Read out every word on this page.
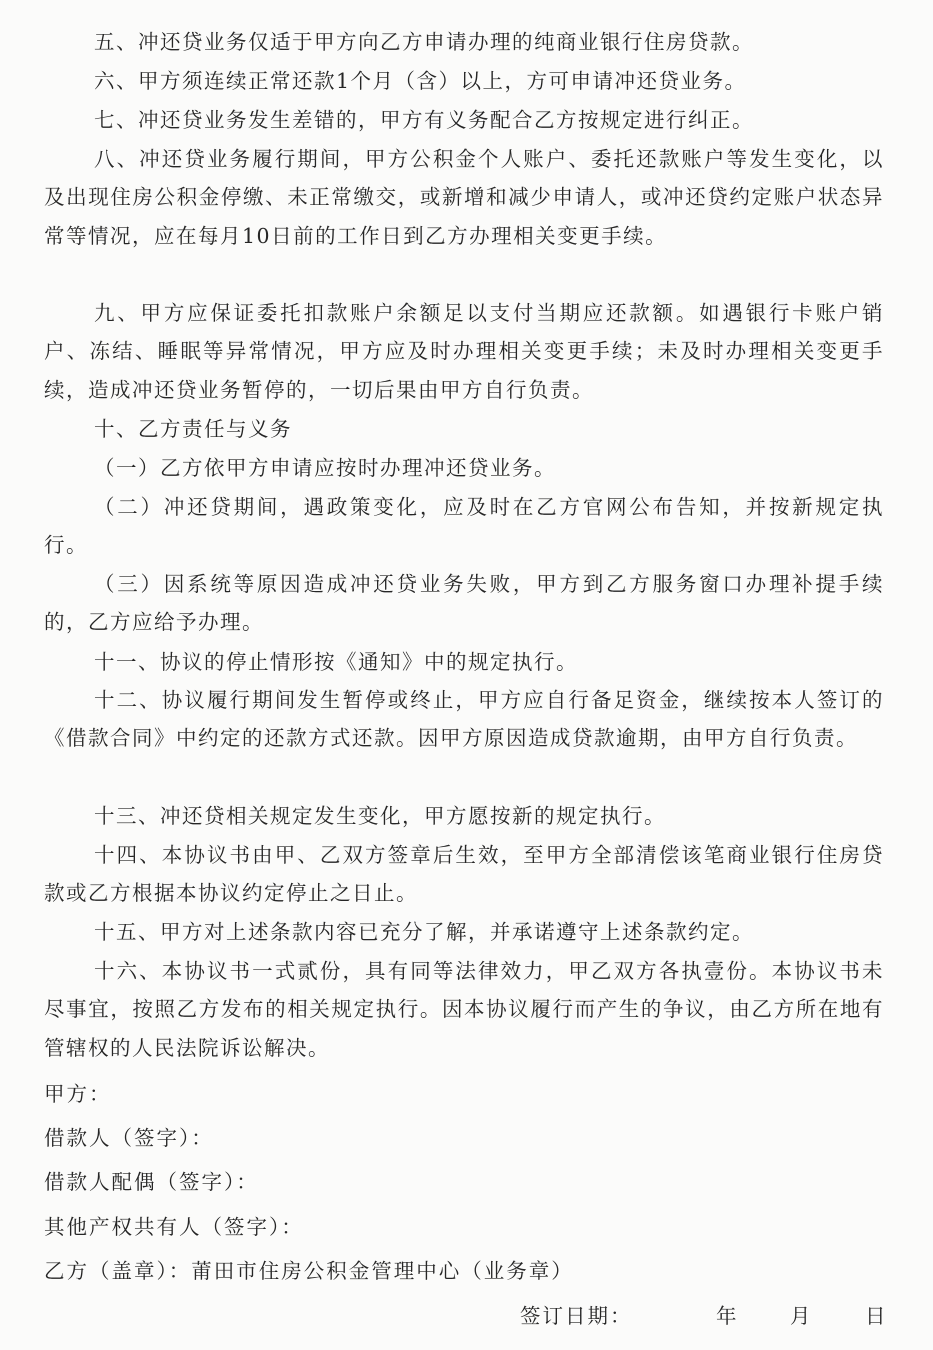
五、冲还贷业务仅适于甲方向乙方申请办理的纯商业银行住房贷款。

六、甲方须连续正常还款1个月（含）以上，方可申请冲还贷业务。

七、冲还贷业务发生差错的，甲方有义务配合乙方按规定进行纠正。

八、冲还贷业务履行期间，甲方公积金个人账户、委托还款账户等发生变化，以及出现住房公积金停缴、未正常缴交，或新增和减少申请人，或冲还贷约定账户状态异常等情况，应在每月10日前的工作日到乙方办理相关变更手续。

九、甲方应保证委托扣款账户余额足以支付当期应还款额。如遇银行卡账户销户、冻结、睡眠等异常情况，甲方应及时办理相关变更手续；未及时办理相关变更手续，造成冲还贷业务暂停的，一切后果由甲方自行负责。

十、乙方责任与义务

（一）乙方依甲方申请应按时办理冲还贷业务。

（二）冲还贷期间，遇政策变化，应及时在乙方官网公布告知，并按新规定执行。

（三）因系统等原因造成冲还贷业务失败，甲方到乙方服务窗口办理补提手续的，乙方应给予办理。

十一、协议的停止情形按《通知》中的规定执行。

十二、协议履行期间发生暂停或终止，甲方应自行备足资金，继续按本人签订的《借款合同》中约定的还款方式还款。因甲方原因造成贷款逾期，由甲方自行负责。

十三、冲还贷相关规定发生变化，甲方愿按新的规定执行。

十四、本协议书由甲、乙双方签章后生效，至甲方全部清偿该笔商业银行住房贷款或乙方根据本协议约定停止之日止。

十五、甲方对上述条款内容已充分了解，并承诺遵守上述条款约定。

十六、本协议书一式贰份，具有同等法律效力，甲乙双方各执壹份。本协议书未尽事宜，按照乙方发布的相关规定执行。因本协议履行而产生的争议，由乙方所在地有管辖权的人民法院诉讼解决。

甲方：

借款人（签字）：

借款人配偶（签字）：

其他产权共有人（签字）：

乙方（盖章）：莆田市住房公积金管理中心（业务章）

签订日期：	年	月	日
